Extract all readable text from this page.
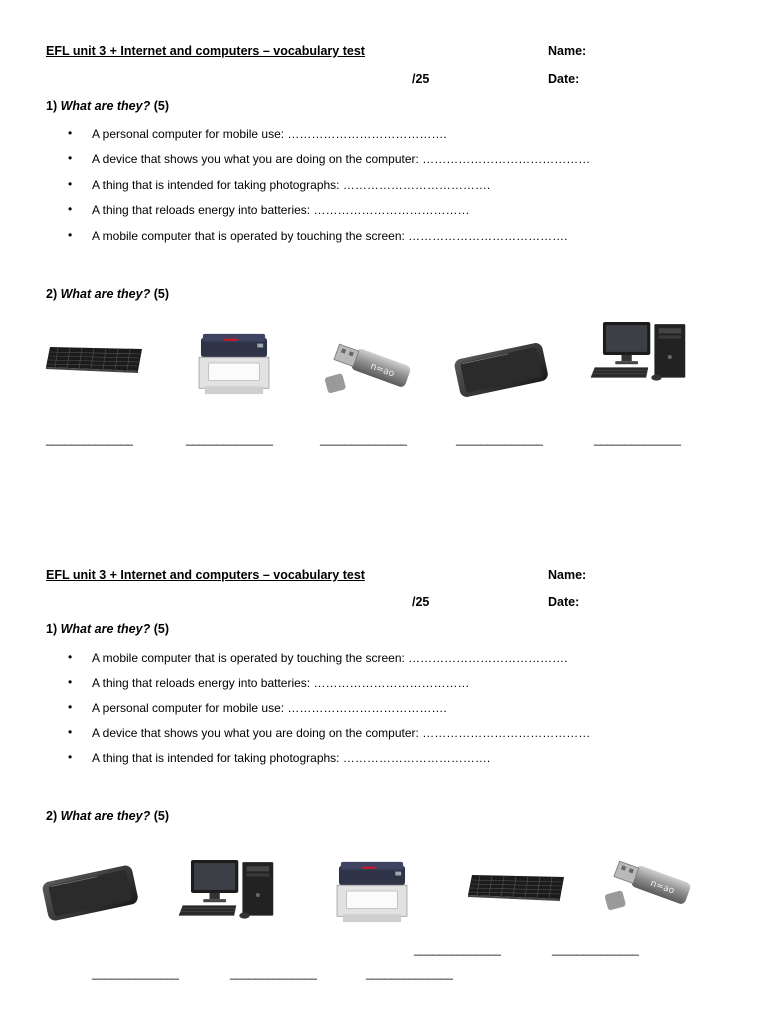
EFL unit 3 + Internet and computers – vocabulary test	Name:
/25	Date:
1) What are they? (5)
• A personal computer for mobile use: ………………………………….
• A device that shows you what you are doing on the computer: ……………………………………
• A thing that is intended for taking photographs: ……………………………….
• A thing that reloads energy into batteries: …………………………………
• A mobile computer that is operated by touching the screen: ………………………………….
2) What are they? (5)
______________	______________	______________	______________	______________
EFL unit 3 + Internet and computers – vocabulary test	Name:
/25	Date:
1) What are they? (5)
• A mobile computer that is operated by touching the screen: ………………………………….
• A thing that reloads energy into batteries: …………………………………
• A personal computer for mobile use: ………………………………….
• A device that shows you what you are doing on the computer: ……………………………………
• A thing that is intended for taking photographs: ……………………………….
2) What are they? (5)
______________	______________
______________	______________	______________
